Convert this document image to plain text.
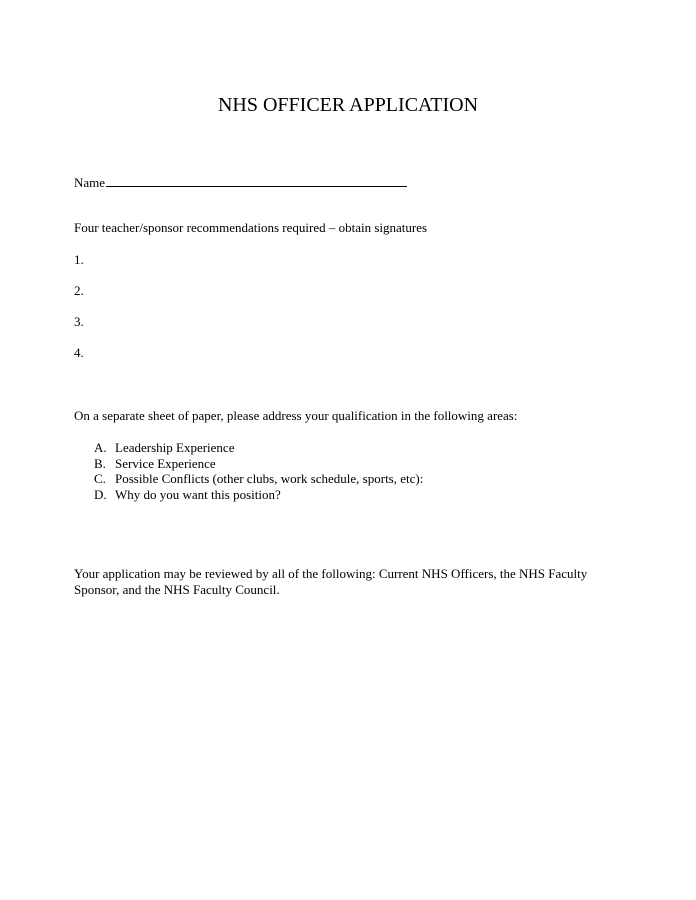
NHS OFFICER APPLICATION
Name
Four teacher/sponsor recommendations required – obtain signatures
1.
2.
3.
4.
On a separate sheet of paper, please address your qualification in the following areas:
A. Leadership Experience
B. Service Experience
C. Possible Conflicts (other clubs, work schedule, sports, etc):
D. Why do you want this position?
Your application may be reviewed by all of the following: Current NHS Officers, the NHS Faculty Sponsor, and the NHS Faculty Council.
